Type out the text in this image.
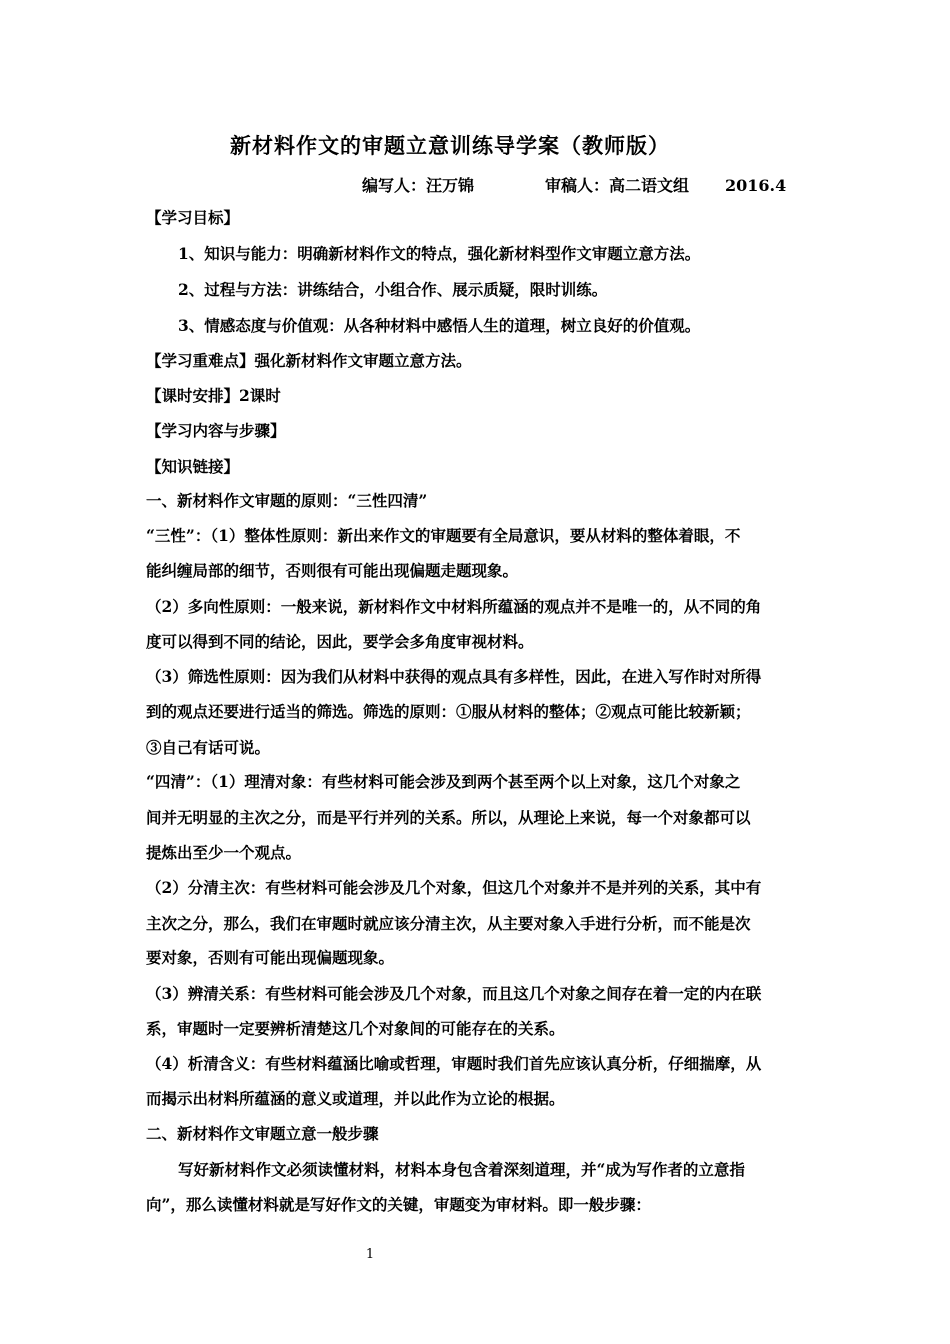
新材料作文的审题立意训练导学案（教师版）
编写人：汪万锦	审稿人：高二语文组 2016.4
【学习目标】
1、知识与能力：明确新材料作文的特点，强化新材料型作文审题立意方法。
2、过程与方法：讲练结合，小组合作、展示质疑，限时训练。
3、情感态度与价值观：从各种材料中感悟人生的道理，树立良好的价值观。
【学习重难点】强化新材料作文审题立意方法。
【课时安排】2课时
【学习内容与步骤】
【知识链接】
一、新材料作文审题的原则：“三性四清”
“三性”：（1）整体性原则：新出来作文的审题要有全局意识，要从材料的整体着眼，不
能纠缠局部的细节，否则很有可能出现偏题走题现象。
（2）多向性原则：一般来说，新材料作文中材料所蕴涵的观点并不是唯一的，从不同的角
度可以得到不同的结论，因此，要学会多角度审视材料。
（3）筛选性原则：因为我们从材料中获得的观点具有多样性，因此，在进入写作时对所得
到的观点还要进行适当的筛选。筛选的原则：①服从材料的整体；②观点可能比较新颖；
③自己有话可说。
“四清”：（1）理清对象：有些材料可能会涉及到两个甚至两个以上对象，这几个对象之
间并无明显的主次之分，而是平行并列的关系。所以，从理论上来说，每一个对象都可以
提炼出至少一个观点。
（2）分清主次：有些材料可能会涉及几个对象，但这几个对象并不是并列的关系，其中有
主次之分，那么，我们在审题时就应该分清主次，从主要对象入手进行分析，而不能是次
要对象，否则有可能出现偏题现象。
（3）辨清关系：有些材料可能会涉及几个对象，而且这几个对象之间存在着一定的内在联
系，审题时一定要辨析清楚这几个对象间的可能存在的关系。
（4）析清含义：有些材料蕴涵比喻或哲理，审题时我们首先应该认真分析，仔细揣摩，从
而揭示出材料所蕴涵的意义或道理，并以此作为立论的根据。
二、新材料作文审题立意一般步骤
写好新材料作文必须读懂材料，材料本身包含着深刻道理，并“成为写作者的立意指
向”，那么读懂材料就是写好作文的关键，审题变为审材料。即一般步骤：
1
